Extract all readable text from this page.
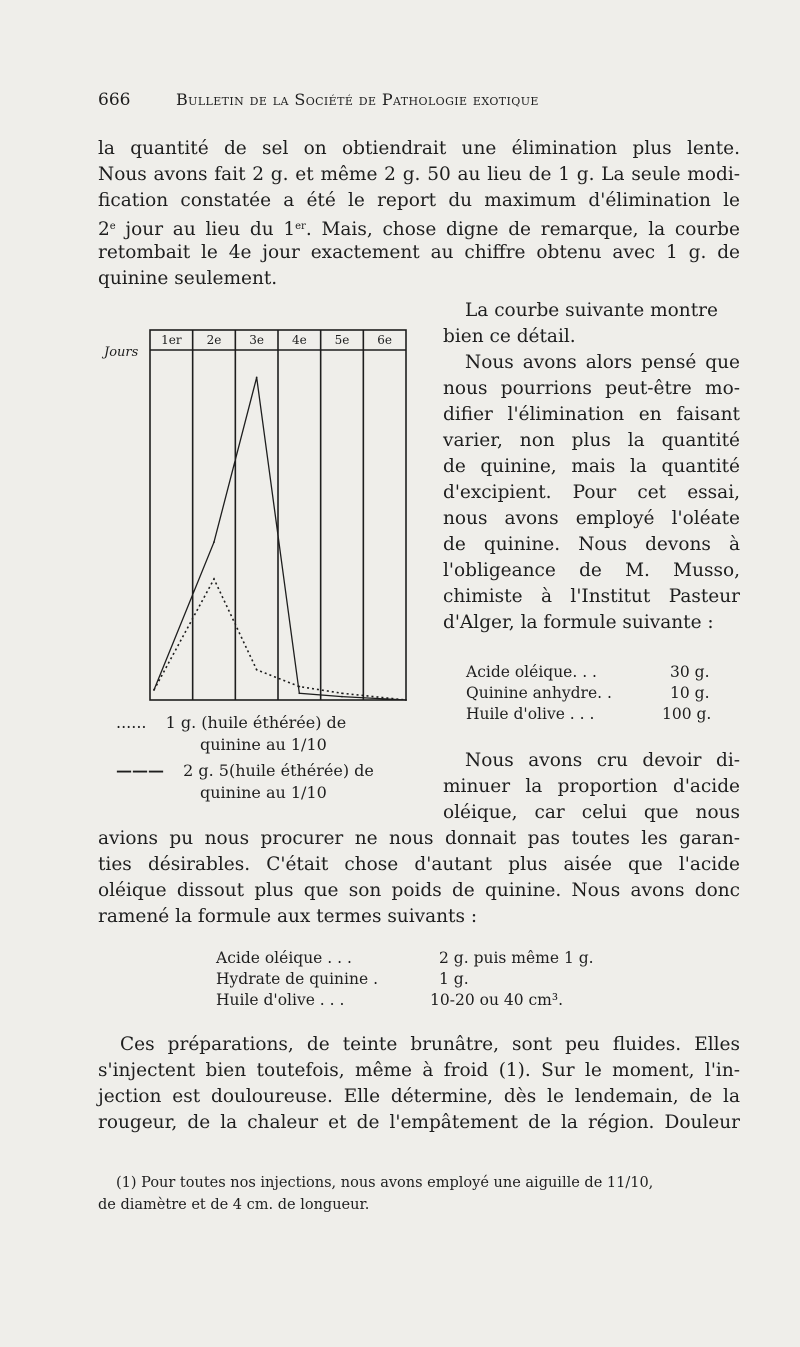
666	Bulletin de la Société de Pathologie exotique
la quantité de sel on obtiendrait une élimination plus lente.
Nous avons fait 2 g. et même 2 g. 50 au lieu de 1 g. La seule modi-
fication constatée a été le report du maximum d'élimination le
2e jour au lieu du 1er. Mais, chose digne de remarque, la courbe
retombait le 4e jour exactement au chiffre obtenu avec 1 g. de
quinine seulement.
La courbe suivante montre
bien ce détail.
Nous avons alors pensé que
nous pourrions peut-être mo-
difier l'élimination en faisant
varier, non plus la quantité
de quinine, mais la quantité
d'excipient. Pour cet essai,
nous avons employé l'oléate
de quinine. Nous devons à
l'obligeance de M. Musso,
chimiste à l'Institut Pasteur
d'Alger, la formule suivante :
Acide oléique. . .	30 g.
Quinine anhydre. .	10 g.
Huile d'olive . . .	100 g.
Nous avons cru devoir di-
minuer la proportion d'acide
oléique, car celui que nous
Jours
1er 2e 3e 4e 5e 6e
...... 1 g. (huile éthérée) de
quinine au 1/10
——— 2 g. 5(huile éthérée) de
quinine au 1/10
avions pu nous procurer ne nous donnait pas toutes les garan-
ties désirables. C'était chose d'autant plus aisée que l'acide
oléique dissout plus que son poids de quinine. Nous avons donc
ramené la formule aux termes suivants :
Acide oléique . . .	2 g. puis même 1 g.
Hydrate de quinine .	1 g.
Huile d'olive . . .	10-20 ou 40 cm³.
Ces préparations, de teinte brunâtre, sont peu fluides. Elles
s'injectent bien toutefois, même à froid (1). Sur le moment, l'in-
jection est douloureuse. Elle détermine, dès le lendemain, de la
rougeur, de la chaleur et de l'empâtement de la région. Douleur
(1) Pour toutes nos injections, nous avons employé une aiguille de 11/10,
de diamètre et de 4 cm. de longueur.
